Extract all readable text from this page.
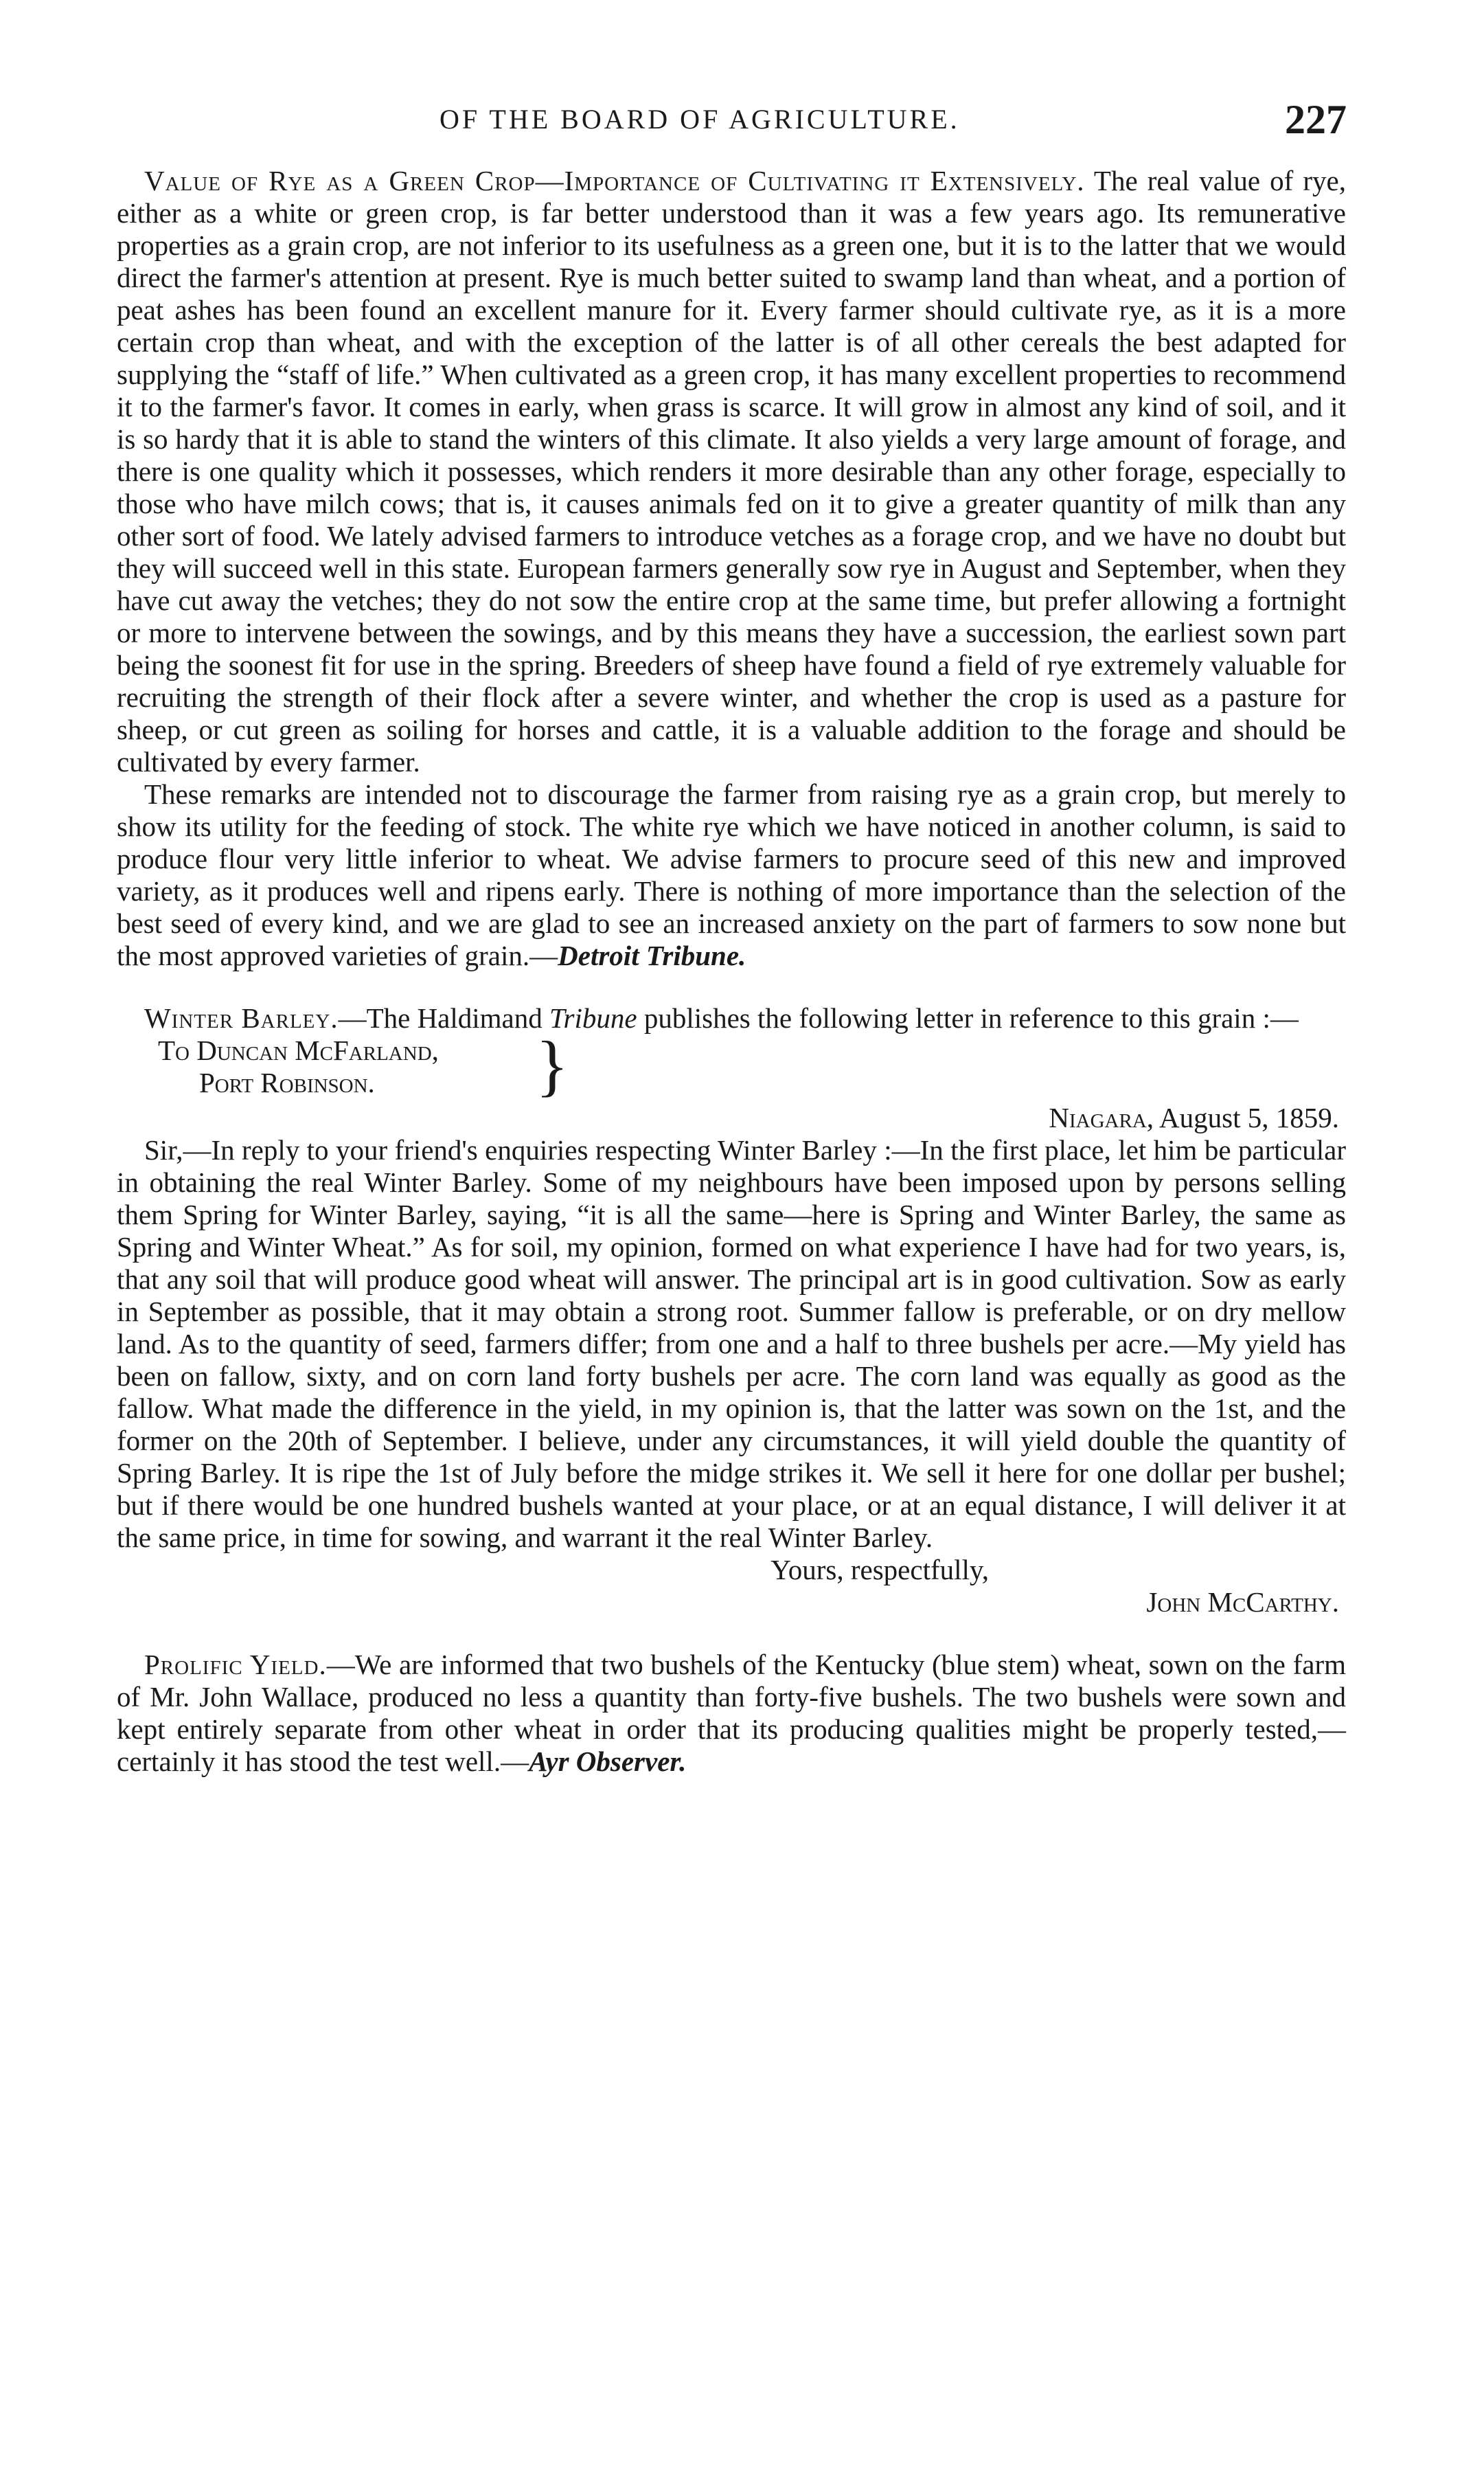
OF THE BOARD OF AGRICULTURE.	227

Value of Rye as a Green Crop—Importance of Cultivating it Extensively. The real value of rye, either as a white or green crop, is far better understood than it was a few years ago. Its remunerative properties as a grain crop, are not inferior to its usefulness as a green one, but it is to the latter that we would direct the farmer's attention at present. Rye is much better suited to swamp land than wheat, and a portion of peat ashes has been found an excellent manure for it. Every farmer should cultivate rye, as it is a more certain crop than wheat, and with the exception of the latter is of all other cereals the best adapted for supplying the “staff of life.” When cultivated as a green crop, it has many excellent properties to recommend it to the farmer's favor. It comes in early, when grass is scarce. It will grow in almost any kind of soil, and it is so hardy that it is able to stand the winters of this climate. It also yields a very large amount of forage, and there is one quality which it possesses, which renders it more desirable than any other forage, especially to those who have milch cows; that is, it causes animals fed on it to give a greater quantity of milk than any other sort of food. We lately advised farmers to introduce vetches as a forage crop, and we have no doubt but they will succeed well in this state. European farmers generally sow rye in August and September, when they have cut away the vetches; they do not sow the entire crop at the same time, but prefer allowing a fortnight or more to intervene between the sowings, and by this means they have a succession, the earliest sown part being the soonest fit for use in the spring. Breeders of sheep have found a field of rye extremely valuable for recruiting the strength of their flock after a severe winter, and whether the crop is used as a pasture for sheep, or cut green as soiling for horses and cattle, it is a valuable addition to the forage and should be cultivated by every farmer.

These remarks are intended not to discourage the farmer from raising rye as a grain crop, but merely to show its utility for the feeding of stock. The white rye which we have noticed in another column, is said to produce flour very little inferior to wheat. We advise farmers to procure seed of this new and improved variety, as it produces well and ripens early. There is nothing of more importance than the selection of the best seed of every kind, and we are glad to see an increased anxiety on the part of farmers to sow none but the most approved varieties of grain.—Detroit Tribune.

Winter Barley.—The Haldimand Tribune publishes the following letter in reference to this grain :—

To Duncan McFarland,
Port Robinson. }
Niagara, August 5, 1859.

Sir,—In reply to your friend's enquiries respecting Winter Barley :—In the first place, let him be particular in obtaining the real Winter Barley. Some of my neighbours have been imposed upon by persons selling them Spring for Winter Barley, saying, “it is all the same—here is Spring and Winter Barley, the same as Spring and Winter Wheat.” As for soil, my opinion, formed on what experience I have had for two years, is, that any soil that will produce good wheat will answer. The principal art is in good cultivation. Sow as early in September as possible, that it may obtain a strong root. Summer fallow is preferable, or on dry mellow land. As to the quantity of seed, farmers differ; from one and a half to three bushels per acre.—My yield has been on fallow, sixty, and on corn land forty bushels per acre. The corn land was equally as good as the fallow. What made the difference in the yield, in my opinion is, that the latter was sown on the 1st, and the former on the 20th of September. I believe, under any circumstances, it will yield double the quantity of Spring Barley. It is ripe the 1st of July before the midge strikes it. We sell it here for one dollar per bushel; but if there would be one hundred bushels wanted at your place, or at an equal distance, I will deliver it at the same price, in time for sowing, and warrant it the real Winter Barley.

Yours, respectfully,
John McCarthy.

Prolific Yield.—We are informed that two bushels of the Kentucky (blue stem) wheat, sown on the farm of Mr. John Wallace, produced no less a quantity than forty-five bushels. The two bushels were sown and kept entirely separate from other wheat in order that its producing qualities might be properly tested,—certainly it has stood the test well.—Ayr Observer.
